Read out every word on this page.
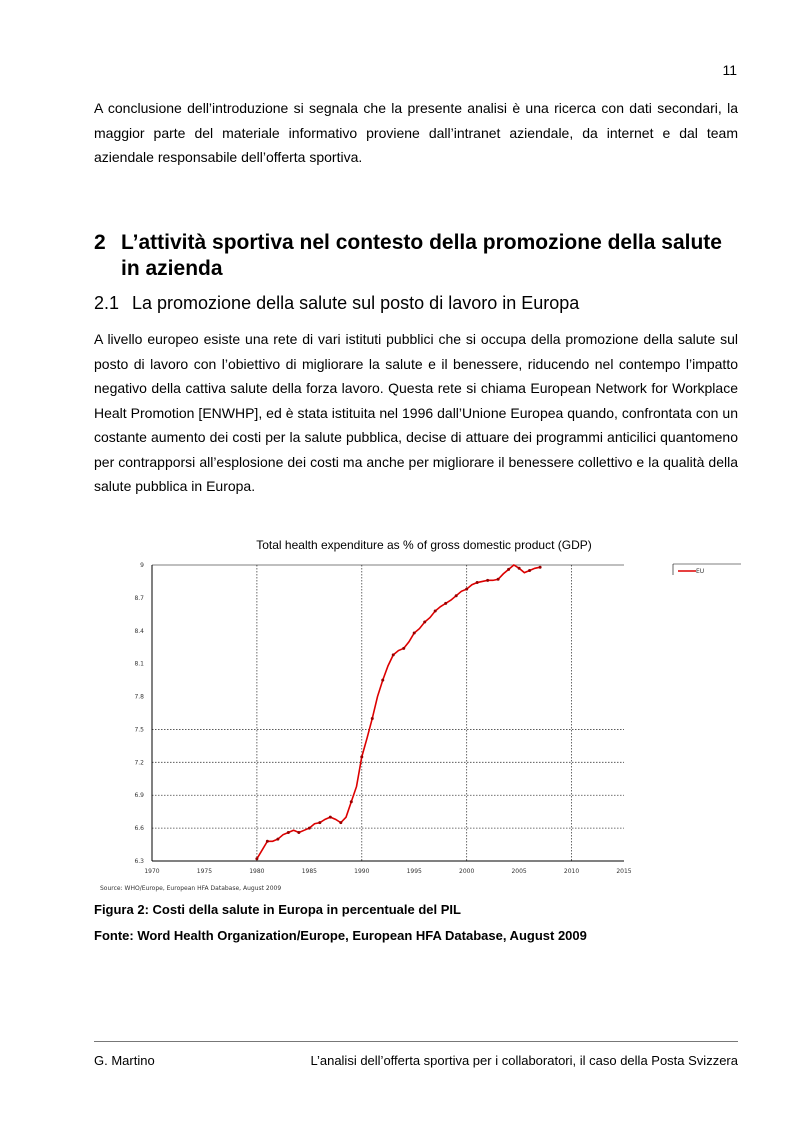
11

A conclusione dell’introduzione si segnala che la presente analisi è una ricerca con dati secondari, la maggior parte del materiale informativo proviene dall’intranet aziendale, da internet e dal team aziendale responsabile dell’offerta sportiva.

2 L’attività sportiva nel contesto della promozione della salute in azienda
2.1 La promozione della salute sul posto di lavoro in Europa

A livello europeo esiste una rete di vari istituti pubblici che si occupa della promozione della salute sul posto di lavoro con l’obiettivo di migliorare la salute e il benessere, riducendo nel contempo l’impatto negativo della cattiva salute della forza lavoro. Questa rete si chiama European Network for Workplace Healt Promotion [ENWHP], ed è stata istituita nel 1996 dall’Unione Europea quando, confrontata con un costante aumento dei costi per la salute pubblica, decise di attuare dei programmi anticilici quantomeno per contrapporsi all’esplosione dei costi ma anche per migliorare il benessere collettivo e la qualità della salute pubblica in Europa.

Total health expenditure as % of gross domestic product (GDP)
1970	1975	1980	1985	1990	1995	2000	2005	2010	2015
6.3
6.6
6.9
7.2
7.5
7.8
8.1
8.4
8.7
9
EU
Source: WHO/Europe, European HFA Database, August 2009

Figura 2: Costi della salute in Europa in percentuale del PIL

Fonte: Word Health Organization/Europe, European HFA Database, August 2009

G. Martino	L’analisi dell’offerta sportiva per i collaboratori, il caso della Posta Svizzera
